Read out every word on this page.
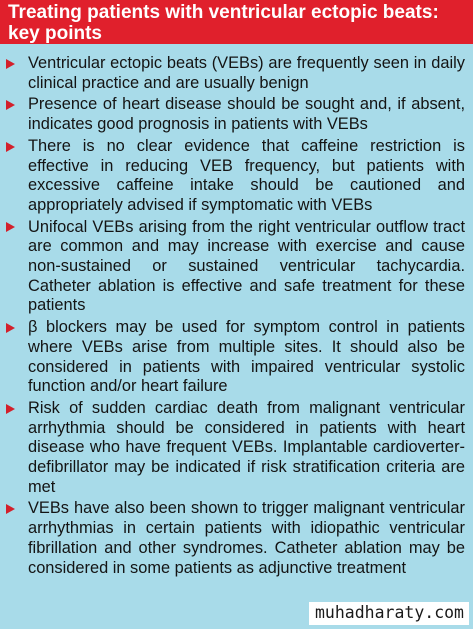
Treating patients with ventricular ectopic beats:
key points
Ventricular ectopic beats (VEBs) are frequently seen in daily clinical practice and are usually benign
Presence of heart disease should be sought and, if absent, indicates good prognosis in patients with VEBs
There is no clear evidence that caffeine restriction is effective in reducing VEB frequency, but patients with excessive caffeine intake should be cautioned and appropriately advised if symptomatic with VEBs
Unifocal VEBs arising from the right ventricular outflow tract are common and may increase with exercise and cause non-sustained or sustained ventricular tachycardia. Catheter ablation is effective and safe treatment for these patients
β blockers may be used for symptom control in patients where VEBs arise from multiple sites. It should also be considered in patients with impaired ventricular systolic function and/or heart failure
Risk of sudden cardiac death from malignant ventricular arrhythmia should be considered in patients with heart disease who have frequent VEBs. Implantable cardioverter-defibrillator may be indicated if risk stratification criteria are met
VEBs have also been shown to trigger malignant ventricular arrhythmias in certain patients with idiopathic ventricular fibrillation and other syndromes. Catheter ablation may be considered in some patients as adjunctive treatment
muhadharaty.com
